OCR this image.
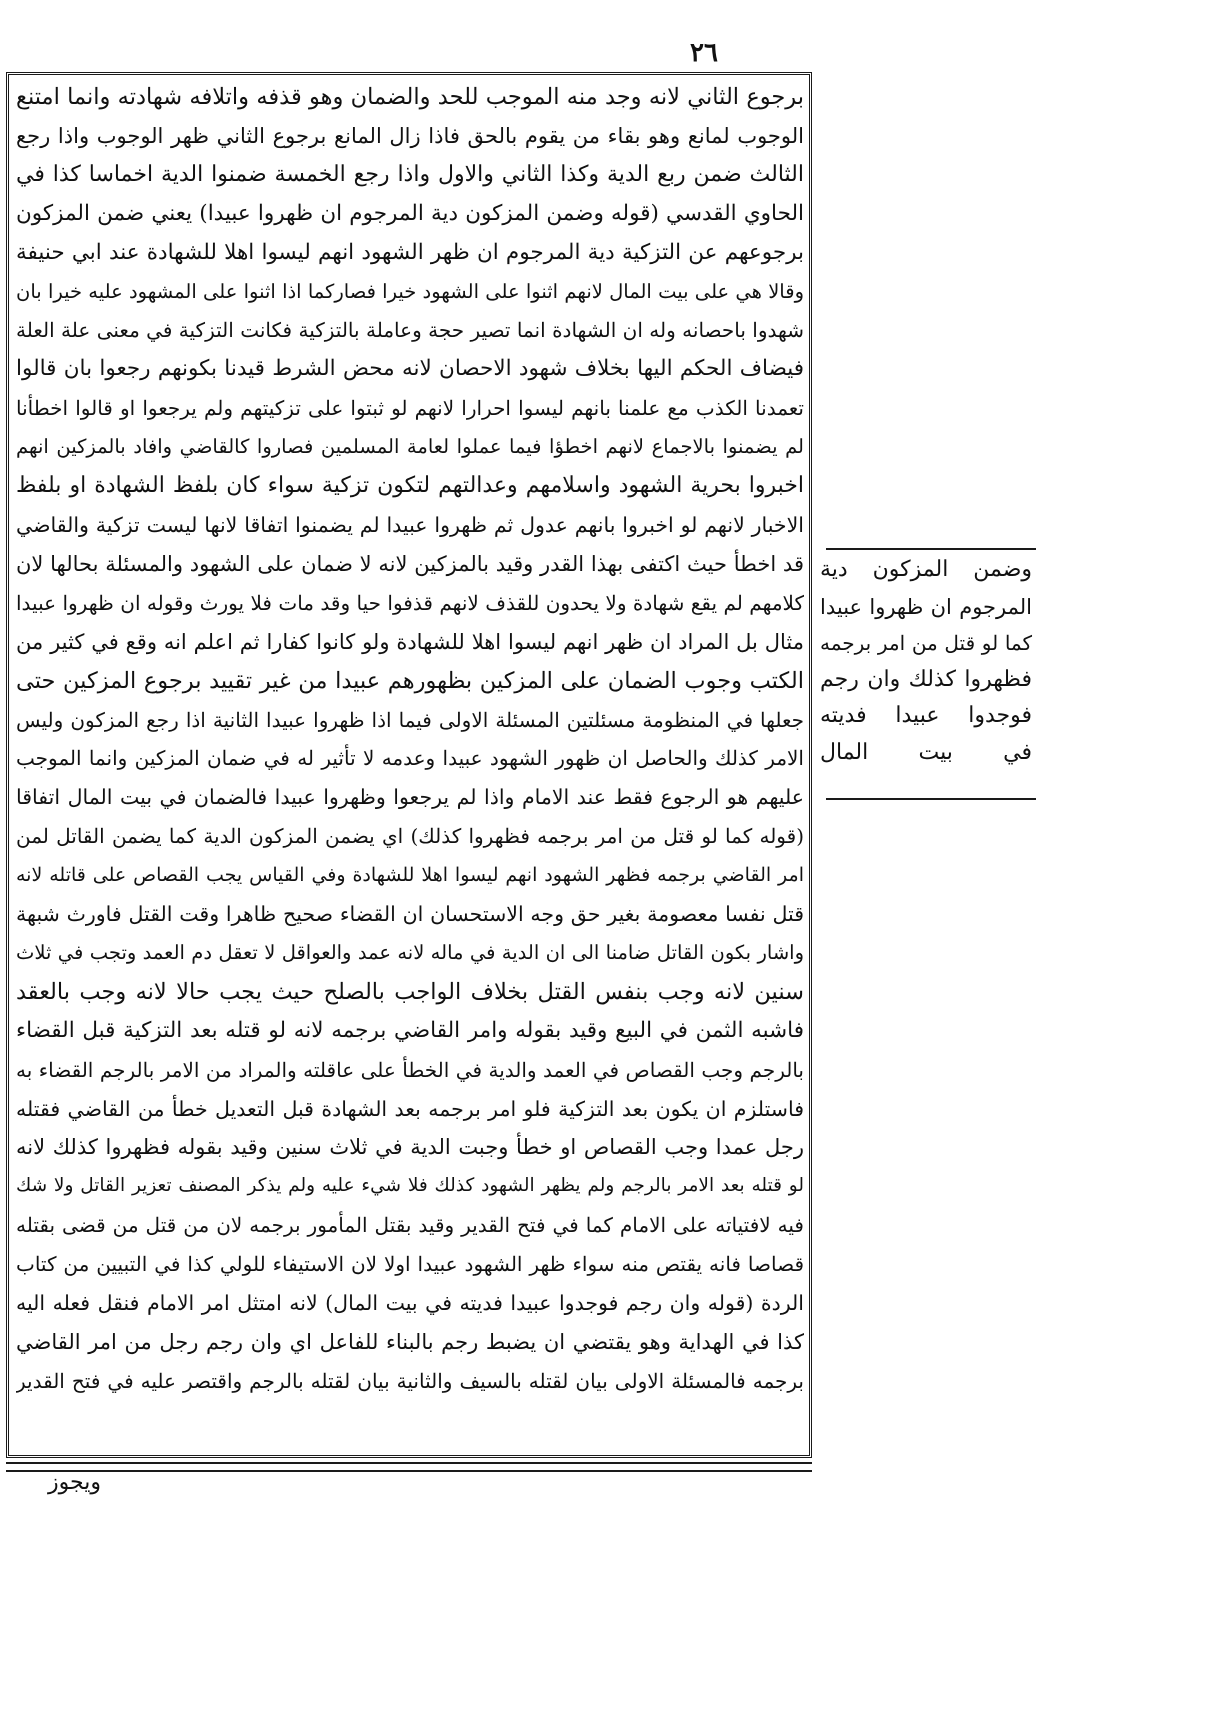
٢٦
برجوع الثاني لانه وجد منه الموجب للحد والضمان وهو قذفه واتلافه شهادته وانما امتنع
الوجوب لمانع وهو بقاء من يقوم بالحق فاذا زال المانع برجوع الثاني ظهر الوجوب واذا رجع
الثالث ضمن ربع الدية وكذا الثاني والاول واذا رجع الخمسة ضمنوا الدية اخماسا كذا في
الحاوي القدسي (قوله وضمن المزكون دية المرجوم ان ظهروا عبيدا) يعني ضمن المزكون
برجوعهم عن التزكية دية المرجوم ان ظهر الشهود انهم ليسوا اهلا للشهادة عند ابي حنيفة
وقالا هي على بيت المال لانهم اثنوا على الشهود خيرا فصاركما اذا اثنوا على المشهود عليه خيرا بان
شهدوا باحصانه وله ان الشهادة انما تصير حجة وعاملة بالتزكية فكانت التزكية في معنى علة العلة
فيضاف الحكم اليها بخلاف شهود الاحصان لانه محض الشرط قيدنا بكونهم رجعوا بان قالوا
تعمدنا الكذب مع علمنا بانهم ليسوا احرارا لانهم لو ثبتوا على تزكيتهم ولم يرجعوا او قالوا اخطأنا
لم يضمنوا بالاجماع لانهم اخطؤا فيما عملوا لعامة المسلمين فصاروا كالقاضي وافاد بالمزكين انهم
اخبروا بحرية الشهود واسلامهم وعدالتهم لتكون تزكية سواء كان بلفظ الشهادة او بلفظ
الاخبار لانهم لو اخبروا بانهم عدول ثم ظهروا عبيدا لم يضمنوا اتفاقا لانها ليست تزكية والقاضي
قد اخطأ حيث اكتفى بهذا القدر وقيد بالمزكين لانه لا ضمان على الشهود والمسئلة بحالها لان
كلامهم لم يقع شهادة ولا يحدون للقذف لانهم قذفوا حيا وقد مات فلا يورث وقوله ان ظهروا عبيدا
مثال بل المراد ان ظهر انهم ليسوا اهلا للشهادة ولو كانوا كفارا ثم اعلم انه وقع في كثير من
الكتب وجوب الضمان على المزكين بظهورهم عبيدا من غير تقييد برجوع المزكين حتى
جعلها في المنظومة مسئلتين المسئلة الاولى فيما اذا ظهروا عبيدا الثانية اذا رجع المزكون وليس
الامر كذلك والحاصل ان ظهور الشهود عبيدا وعدمه لا تأثير له في ضمان المزكين وانما الموجب
عليهم هو الرجوع فقط عند الامام واذا لم يرجعوا وظهروا عبيدا فالضمان في بيت المال اتفاقا
(قوله كما لو قتل من امر برجمه فظهروا كذلك) اي يضمن المزكون الدية كما يضمن القاتل لمن
امر القاضي برجمه فظهر الشهود انهم ليسوا اهلا للشهادة وفي القياس يجب القصاص على قاتله لانه
قتل نفسا معصومة بغير حق وجه الاستحسان ان القضاء صحيح ظاهرا وقت القتل فاورث شبهة
واشار بكون القاتل ضامنا الى ان الدية في ماله لانه عمد والعواقل لا تعقل دم العمد وتجب في ثلاث
سنين لانه وجب بنفس القتل بخلاف الواجب بالصلح حيث يجب حالا لانه وجب بالعقد
فاشبه الثمن في البيع وقيد بقوله وامر القاضي برجمه لانه لو قتله بعد التزكية قبل القضاء
بالرجم وجب القصاص في العمد والدية في الخطأ على عاقلته والمراد من الامر بالرجم القضاء به
فاستلزم ان يكون بعد التزكية فلو امر برجمه بعد الشهادة قبل التعديل خطأ من القاضي فقتله
رجل عمدا وجب القصاص او خطأ وجبت الدية في ثلاث سنين وقيد بقوله فظهروا كذلك لانه
لو قتله بعد الامر بالرجم ولم يظهر الشهود كذلك فلا شيء عليه ولم يذكر المصنف تعزير القاتل ولا شك
فيه لافتياته على الامام كما في فتح القدير وقيد بقتل المأمور برجمه لان من قتل من قضى بقتله
قصاصا فانه يقتص منه سواء ظهر الشهود عبيدا اولا لان الاستيفاء للولي كذا في التبيين من كتاب
الردة (قوله وان رجم فوجدوا عبيدا فديته في بيت المال) لانه امتثل امر الامام فنقل فعله اليه
كذا في الهداية وهو يقتضي ان يضبط رجم بالبناء للفاعل اي وان رجم رجل من امر القاضي
برجمه فالمسئلة الاولى بيان لقتله بالسيف والثانية بيان لقتله بالرجم واقتصر عليه في فتح القدير
ويجوز
وضمن المزكون دية
المرجوم ان ظهروا عبيدا
كما لو قتل من امر برجمه
فظهروا كذلك وان رجم
فوجدوا عبيدا فديته
في بيت المال
